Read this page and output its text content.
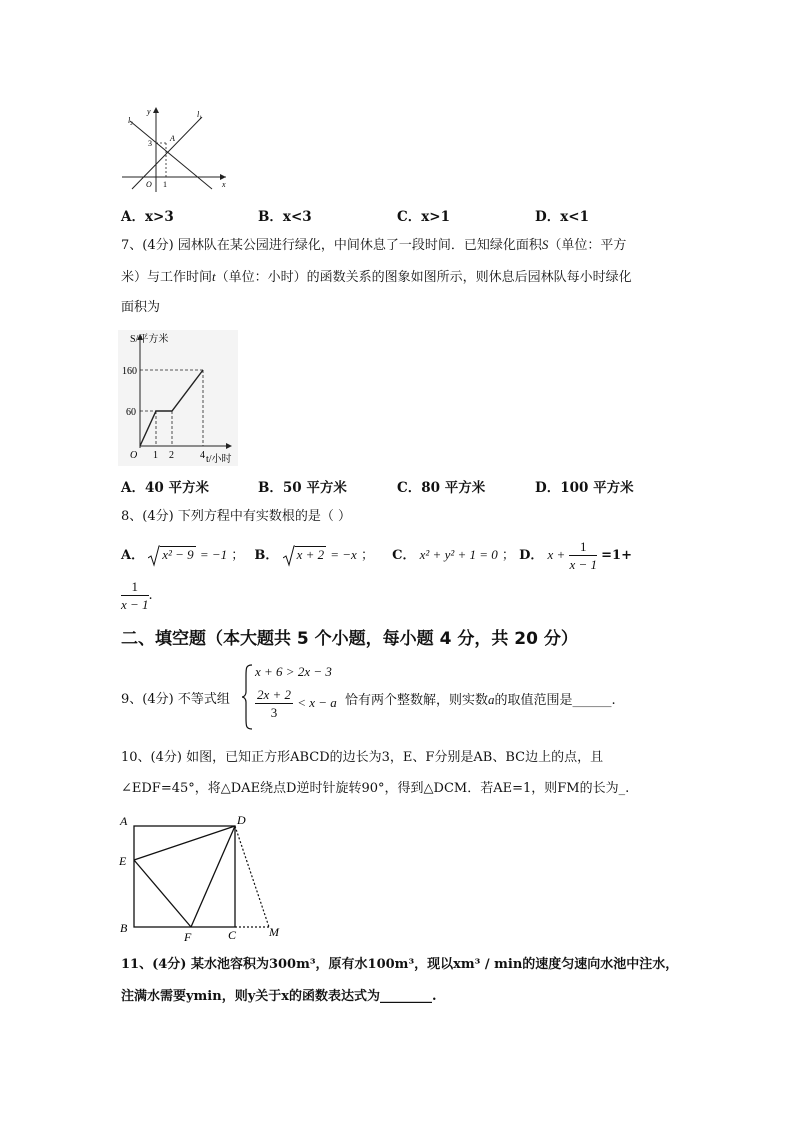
$l_2$
$l_1$
y
x
A
3
O 1
A．x>3	B．x<3	C．x>1	D．x<1
7、(4分) 园林队在某公园进行绿化，中间休息了一段时间．已知绿化面积S（单位：平方
米）与工作时间t（单位：小时）的函数关系的图象如图所示，则休息后园林队每小时绿化
面积为
S/平方米
160
60
O 1 2	4 t/小时
A．40 平方米	B．50 平方米	C．80 平方米	D．100 平方米
8、(4分) 下列方程中有实数根的是（ ）
A． x² − 9 = −1 ； B． x + 2 = −x ； C． x² + y² + 1 = 0 ； D． $x + \frac{1}{x - 1} =1+$
$\frac{1}{x - 1}$ .
二、填空题（本大题共 5 个小题，每小题 4 分，共 20 分）
9、(4分) 不等式组
x + 6 > 2x − 3
$\frac{2x + 2}{3} < x - a$ 恰有两个整数解，则实数a的取值范围是______.
10、(4分) 如图，已知正方形ABCD的边长为3，E、F分别是AB、BC边上的点，且
∠EDF=45°，将△DAE绕点D逆时针旋转90°，得到△DCM．若AE=1，则FM的长为_.
A	D
E
B
F	C	M
11、(4分) 某水池容积为300m³，原有水100m³，现以xm³ / min的速度匀速向水池中注水，
注满水需要ymin，则y关于x的函数表达式为________.
